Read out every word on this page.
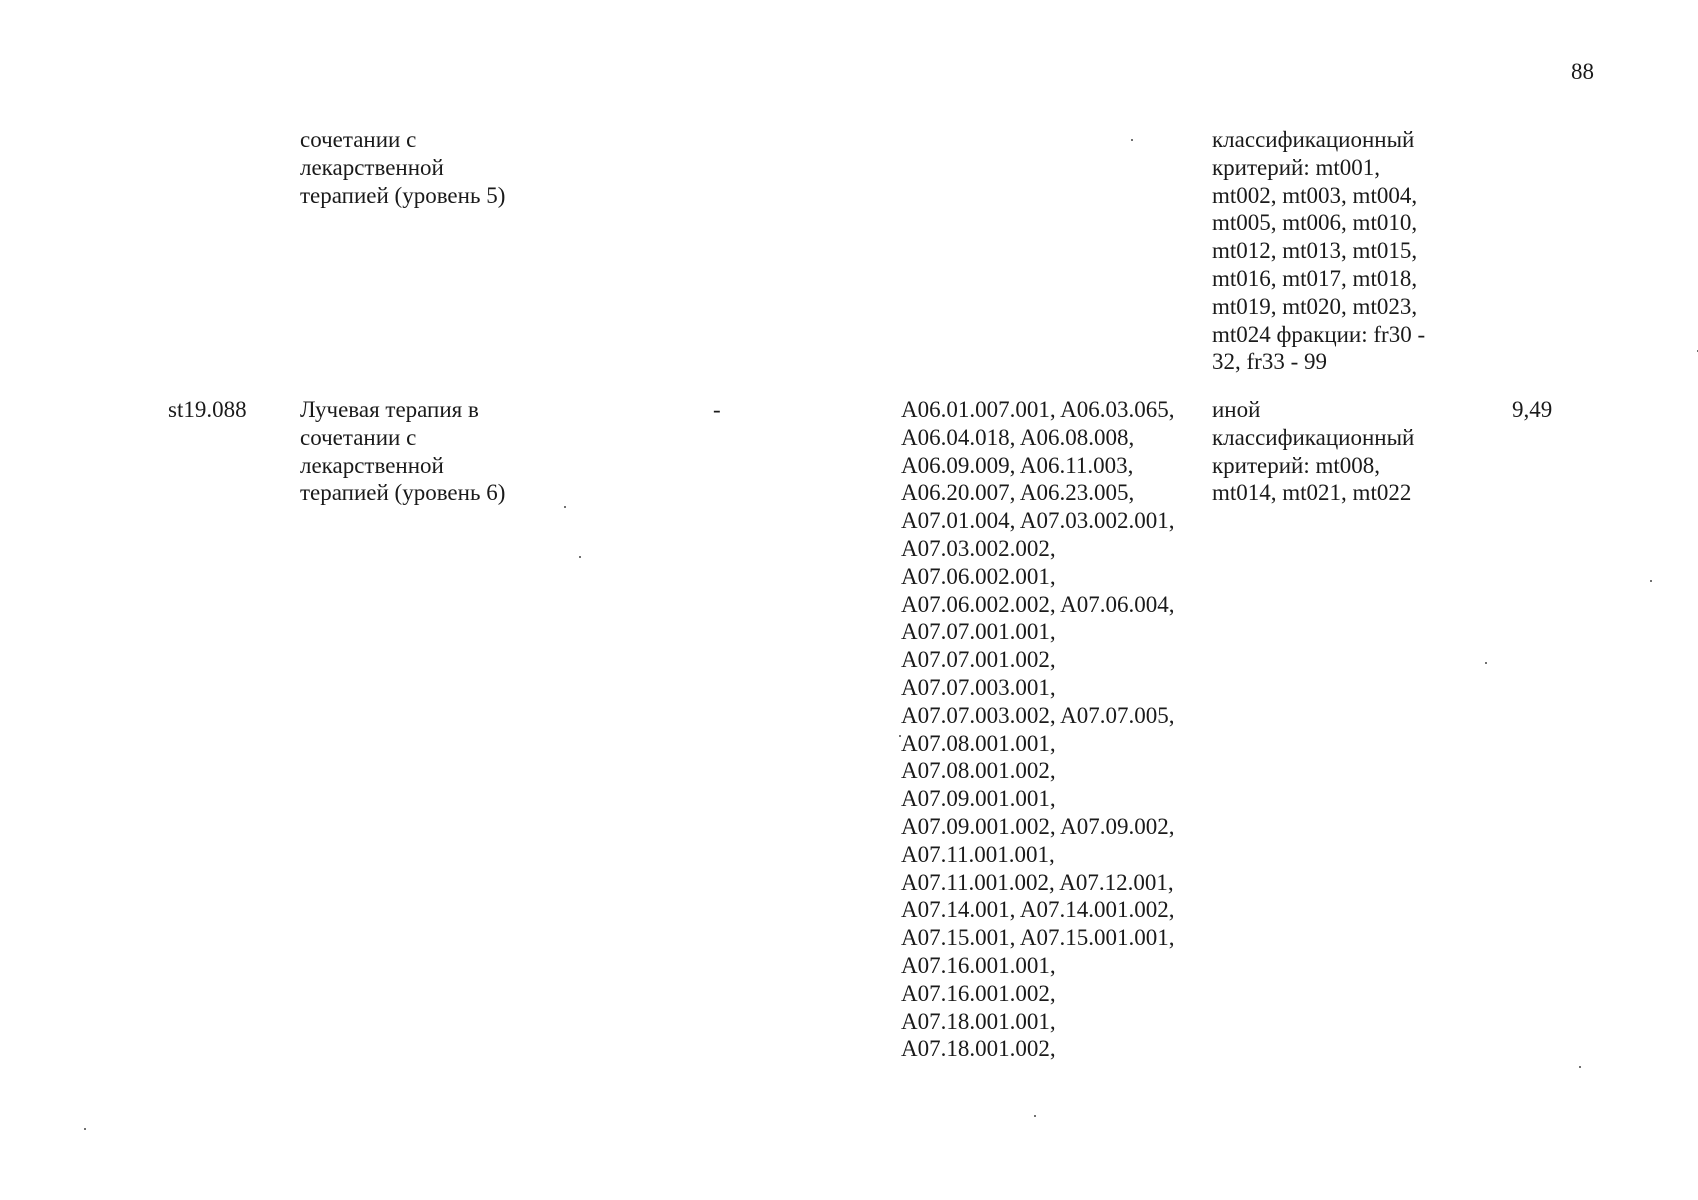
88
сочетании с
лекарственной
терапией (уровень 5)
классификационный
критерий: mt001,
mt002, mt003, mt004,
mt005, mt006, mt010,
mt012, mt013, mt015,
mt016, mt017, mt018,
mt019, mt020, mt023,
mt024 фракции: fr30 -
32, fr33 - 99
st19.088 Лучевая терапия в
сочетании с
лекарственной
терапией (уровень 6)
-	A06.01.007.001, A06.03.065,
A06.04.018, A06.08.008,
A06.09.009, A06.11.003,
A06.20.007, A06.23.005,
A07.01.004, A07.03.002.001,
A07.03.002.002,
A07.06.002.001,
A07.06.002.002, A07.06.004,
A07.07.001.001,
A07.07.001.002,
A07.07.003.001,
A07.07.003.002, A07.07.005,
A07.08.001.001,
A07.08.001.002,
A07.09.001.001,
A07.09.001.002, A07.09.002,
A07.11.001.001,
A07.11.001.002, A07.12.001,
A07.14.001, A07.14.001.002,
A07.15.001, A07.15.001.001,
A07.16.001.001,
A07.16.001.002,
A07.18.001.001,
A07.18.001.002,
иной
классификационный
критерий: mt008,
mt014, mt021, mt022
9,49
